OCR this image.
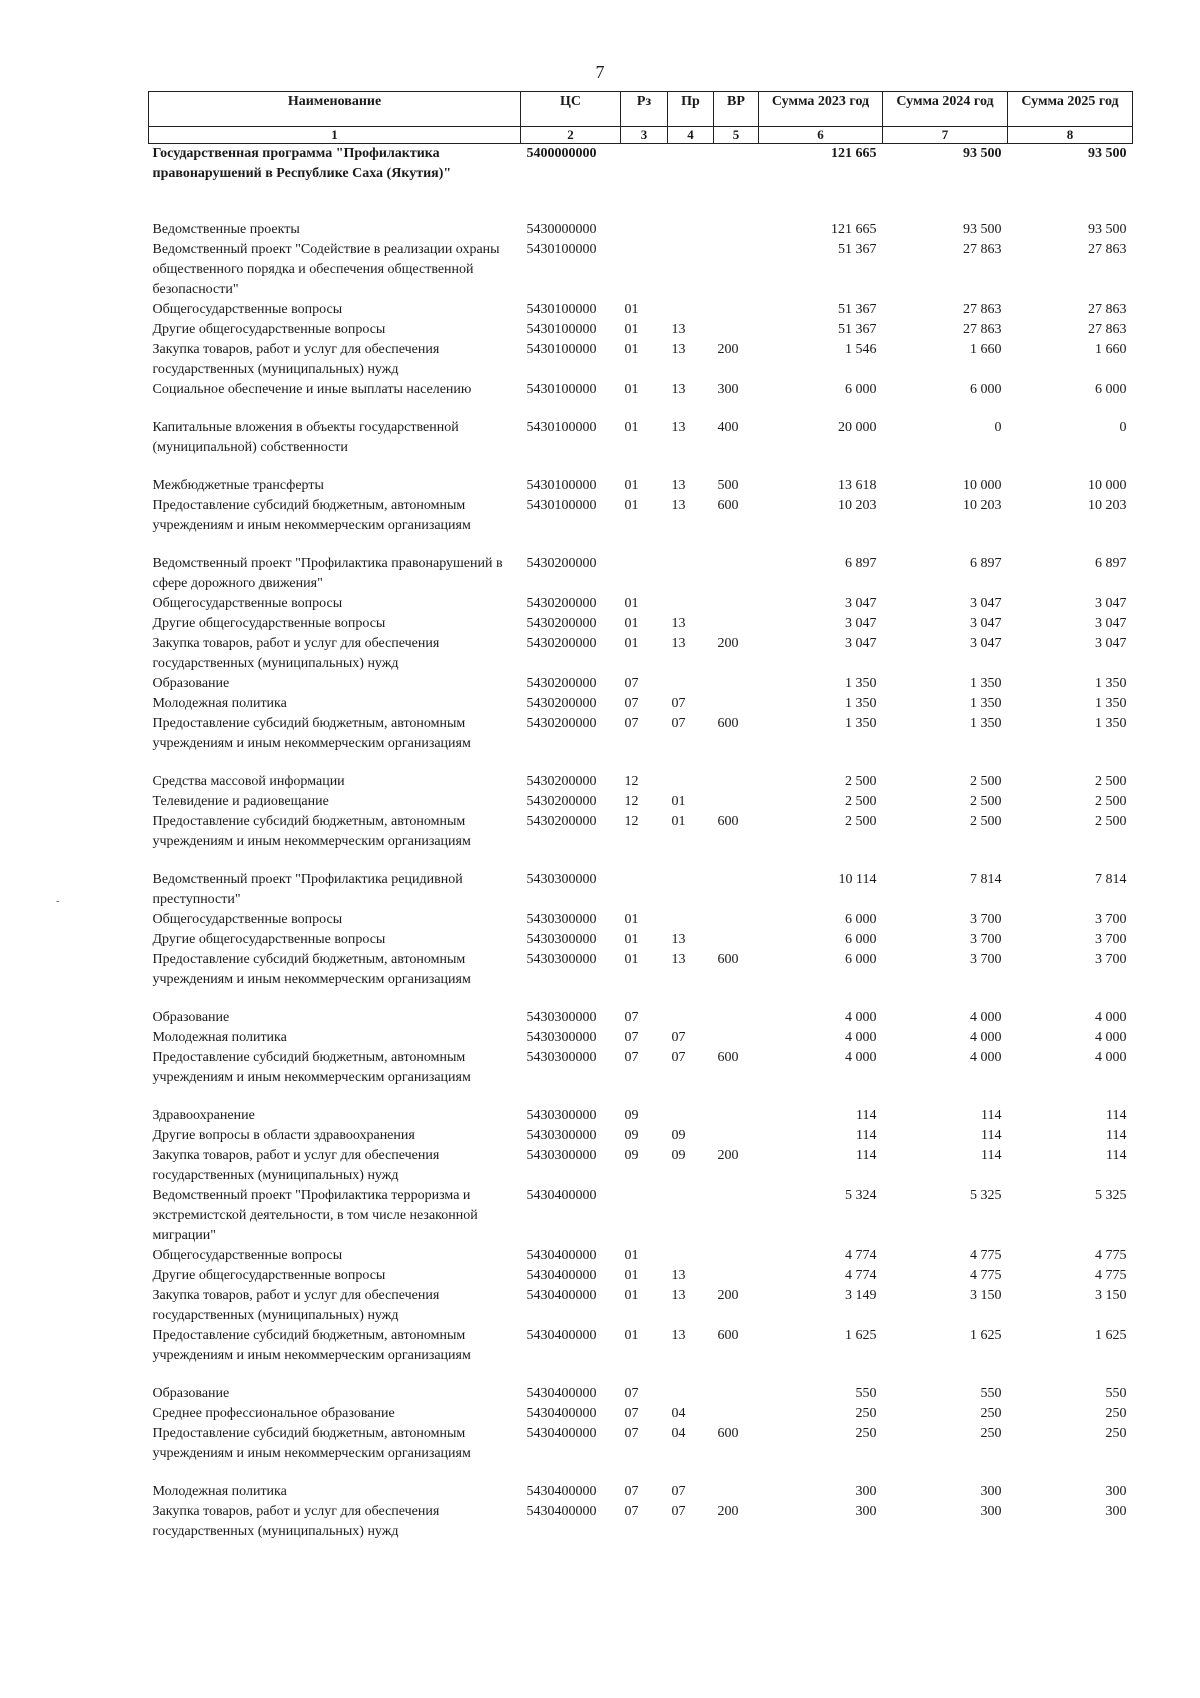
7
Наименование	ЦС	Рз	Пр	ВР	Сумма 2023 год	Сумма 2024 год	Сумма 2025 год
1	2	3	4	5	6	7	8
Государственная программа "Профилактика правонарушений в Республике Саха (Якутия)"	5400000000				121 665	93 500	93 500
Ведомственные проекты	5430000000				121 665	93 500	93 500
Ведомственный проект "Содействие в реализации охраны общественного порядка и обеспечения общественной безопасности"	5430100000				51 367	27 863	27 863
Общегосударственные вопросы	5430100000	01			51 367	27 863	27 863
Другие общегосударственные вопросы	5430100000	01	13		51 367	27 863	27 863
Закупка товаров, работ и услуг для обеспечения государственных (муниципальных) нужд	5430100000	01	13	200	1 546	1 660	1 660
Социальное обеспечение и иные выплаты населению	5430100000	01	13	300	6 000	6 000	6 000
Капитальные вложения в объекты государственной (муниципальной) собственности	5430100000	01	13	400	20 000	0	0
Межбюджетные трансферты	5430100000	01	13	500	13 618	10 000	10 000
Предоставление субсидий бюджетным, автономным учреждениям и иным некоммерческим организациям	5430100000	01	13	600	10 203	10 203	10 203
Ведомственный проект "Профилактика правонарушений в сфере дорожного движения"	5430200000				6 897	6 897	6 897
Общегосударственные вопросы	5430200000	01			3 047	3 047	3 047
Другие общегосударственные вопросы	5430200000	01	13		3 047	3 047	3 047
Закупка товаров, работ и услуг для обеспечения государственных (муниципальных) нужд	5430200000	01	13	200	3 047	3 047	3 047
Образование	5430200000	07			1 350	1 350	1 350
Молодежная политика	5430200000	07	07		1 350	1 350	1 350
Предоставление субсидий бюджетным, автономным учреждениям и иным некоммерческим организациям	5430200000	07	07	600	1 350	1 350	1 350
Средства массовой информации	5430200000	12			2 500	2 500	2 500
Телевидение и радиовещание	5430200000	12	01		2 500	2 500	2 500
Предоставление субсидий бюджетным, автономным учреждениям и иным некоммерческим организациям	5430200000	12	01	600	2 500	2 500	2 500
Ведомственный проект "Профилактика рецидивной преступности"	5430300000				10 114	7 814	7 814
Общегосударственные вопросы	5430300000	01			6 000	3 700	3 700
Другие общегосударственные вопросы	5430300000	01	13		6 000	3 700	3 700
Предоставление субсидий бюджетным, автономным учреждениям и иным некоммерческим организациям	5430300000	01	13	600	6 000	3 700	3 700
Образование	5430300000	07			4 000	4 000	4 000
Молодежная политика	5430300000	07	07		4 000	4 000	4 000
Предоставление субсидий бюджетным, автономным учреждениям и иным некоммерческим организациям	5430300000	07	07	600	4 000	4 000	4 000
Здравоохранение	5430300000	09			114	114	114
Другие вопросы в области здравоохранения	5430300000	09	09		114	114	114
Закупка товаров, работ и услуг для обеспечения государственных (муниципальных) нужд	5430300000	09	09	200	114	114	114
Ведомственный проект "Профилактика терроризма и экстремистской деятельности, в том числе незаконной миграции"	5430400000				5 324	5 325	5 325
Общегосударственные вопросы	5430400000	01			4 774	4 775	4 775
Другие общегосударственные вопросы	5430400000	01	13		4 774	4 775	4 775
Закупка товаров, работ и услуг для обеспечения государственных (муниципальных) нужд	5430400000	01	13	200	3 149	3 150	3 150
Предоставление субсидий бюджетным, автономным учреждениям и иным некоммерческим организациям	5430400000	01	13	600	1 625	1 625	1 625
Образование	5430400000	07			550	550	550
Среднее профессиональное образование	5430400000	07	04		250	250	250
Предоставление субсидий бюджетным, автономным учреждениям и иным некоммерческим организациям	5430400000	07	04	600	250	250	250
Молодежная политика	5430400000	07	07		300	300	300
Закупка товаров, работ и услуг для обеспечения государственных (муниципальных) нужд	5430400000	07	07	200	300	300	300
-
